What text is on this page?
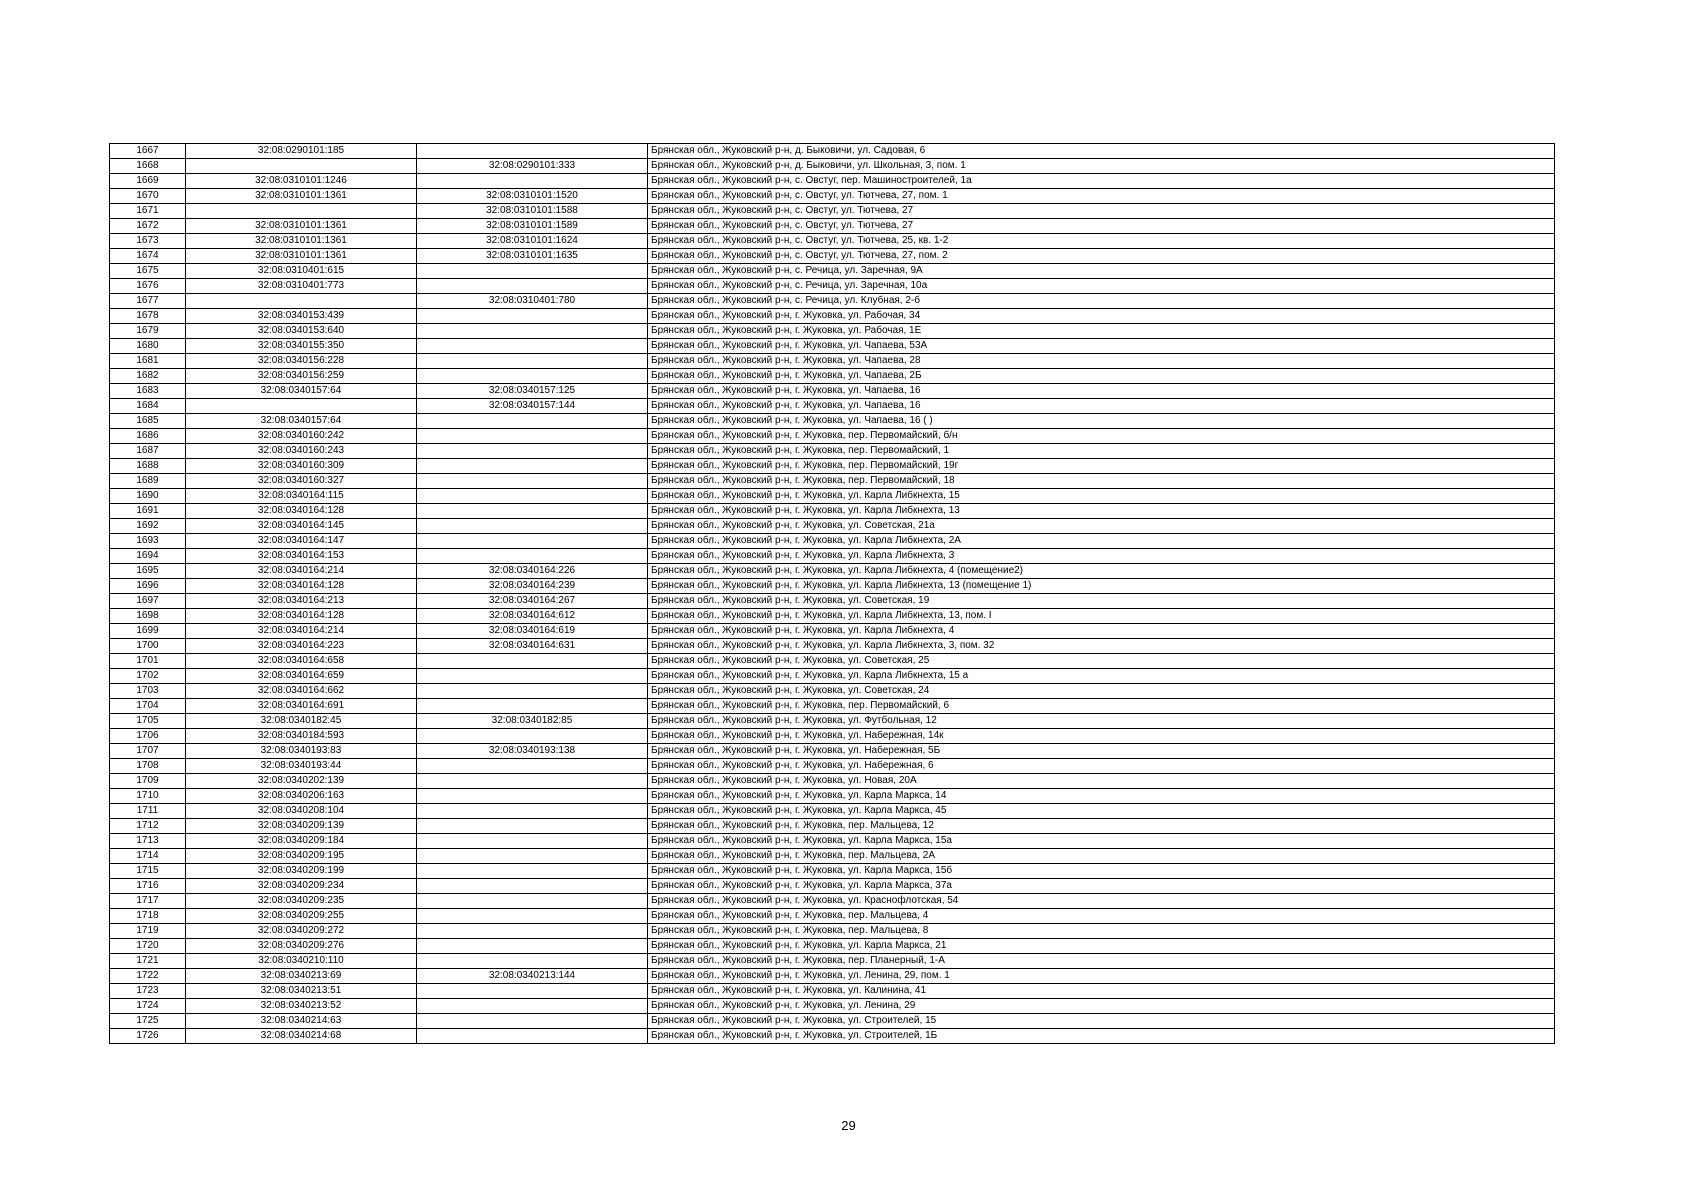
1667	32:08:0290101:185		Брянская обл., Жуковский р-н, д. Быковичи, ул. Садовая, 6
1668		32:08:0290101:333	Брянская обл., Жуковский р-н, д. Быковичи, ул. Школьная, 3, пом. 1
1669	32:08:0310101:1246		Брянская обл., Жуковский р-н, с. Овстуг, пер. Машиностроителей, 1а
1670	32:08:0310101:1361	32:08:0310101:1520	Брянская обл., Жуковский р-н, с. Овстуг, ул. Тютчева, 27, пом. 1
1671		32:08:0310101:1588	Брянская обл., Жуковский р-н, с. Овстуг, ул. Тютчева, 27
1672	32:08:0310101:1361	32:08:0310101:1589	Брянская обл., Жуковский р-н, с. Овстуг, ул. Тютчева, 27
1673	32:08:0310101:1361	32:08:0310101:1624	Брянская обл., Жуковский р-н, с. Овстуг, ул. Тютчева, 25, кв. 1-2
1674	32:08:0310101:1361	32:08:0310101:1635	Брянская обл., Жуковский р-н, с. Овстуг, ул. Тютчева, 27, пом. 2
1675	32:08:0310401:615		Брянская обл., Жуковский р-н, с. Речица, ул. Заречная, 9А
1676	32:08:0310401:773		Брянская обл., Жуковский р-н, с. Речица, ул. Заречная, 10а
1677		32:08:0310401:780	Брянская обл., Жуковский р-н, с. Речица, ул. Клубная, 2-б
1678	32:08:0340153:439		Брянская обл., Жуковский р-н, г. Жуковка, ул. Рабочая, 34
1679	32:08:0340153:640		Брянская обл., Жуковский р-н, г. Жуковка, ул. Рабочая, 1Е
1680	32:08:0340155:350		Брянская обл., Жуковский р-н, г. Жуковка, ул. Чапаева, 53А
1681	32:08:0340156:228		Брянская обл., Жуковский р-н, г. Жуковка, ул. Чапаева, 28
1682	32:08:0340156:259		Брянская обл., Жуковский р-н, г. Жуковка, ул. Чапаева, 2Б
1683	32:08:0340157:64	32:08:0340157:125	Брянская обл., Жуковский р-н, г. Жуковка, ул. Чапаева, 16
1684		32:08:0340157:144	Брянская обл., Жуковский р-н, г. Жуковка, ул. Чапаева, 16
1685	32:08:0340157:64		Брянская обл., Жуковский р-н, г. Жуковка, ул. Чапаева, 16 ( )
1686	32:08:0340160:242		Брянская обл., Жуковский р-н, г. Жуковка, пер. Первомайский, б/н
1687	32:08:0340160:243		Брянская обл., Жуковский р-н, г. Жуковка, пер. Первомайский, 1
1688	32:08:0340160:309		Брянская обл., Жуковский р-н, г. Жуковка, пер. Первомайский, 19г
1689	32:08:0340160:327		Брянская обл., Жуковский р-н, г. Жуковка, пер. Первомайский, 18
1690	32:08:0340164:115		Брянская обл., Жуковский р-н, г. Жуковка, ул. Карла Либкнехта, 15
1691	32:08:0340164:128		Брянская обл., Жуковский р-н, г. Жуковка, ул. Карла Либкнехта, 13
1692	32:08:0340164:145		Брянская обл., Жуковский р-н, г. Жуковка, ул. Советская, 21а
1693	32:08:0340164:147		Брянская обл., Жуковский р-н, г. Жуковка, ул. Карла Либкнехта, 2А
1694	32:08:0340164:153		Брянская обл., Жуковский р-н, г. Жуковка, ул. Карла Либкнехта, 3
1695	32:08:0340164:214	32:08:0340164:226	Брянская обл., Жуковский р-н, г. Жуковка, ул. Карла Либкнехта, 4 (помещение2)
1696	32:08:0340164:128	32:08:0340164:239	Брянская обл., Жуковский р-н, г. Жуковка, ул. Карла Либкнехта, 13 (помещение 1)
1697	32:08:0340164:213	32:08:0340164:267	Брянская обл., Жуковский р-н, г. Жуковка, ул. Советская, 19
1698	32:08:0340164:128	32:08:0340164:612	Брянская обл., Жуковский р-н, г. Жуковка, ул. Карла Либкнехта, 13, пом. I
1699	32:08:0340164:214	32:08:0340164:619	Брянская обл., Жуковский р-н, г. Жуковка, ул. Карла Либкнехта, 4
1700	32:08:0340164:223	32:08:0340164:631	Брянская обл., Жуковский р-н, г. Жуковка, ул. Карла Либкнехта, 3, пом. 32
1701	32:08:0340164:658		Брянская обл., Жуковский р-н, г. Жуковка, ул. Советская, 25
1702	32:08:0340164:659		Брянская обл., Жуковский р-н, г. Жуковка, ул. Карла Либкнехта, 15 а
1703	32:08:0340164:662		Брянская обл., Жуковский р-н, г. Жуковка, ул. Советская, 24
1704	32:08:0340164:691		Брянская обл., Жуковский р-н, г. Жуковка, пер. Первомайский, 6
1705	32:08:0340182:45	32:08:0340182:85	Брянская обл., Жуковский р-н, г. Жуковка, ул. Футбольная, 12
1706	32:08:0340184:593		Брянская обл., Жуковский р-н, г. Жуковка, ул. Набережная, 14к
1707	32:08:0340193:83	32:08:0340193:138	Брянская обл., Жуковский р-н, г. Жуковка, ул. Набережная, 5Б
1708	32:08:0340193:44		Брянская обл., Жуковский р-н, г. Жуковка, ул. Набережная, 6
1709	32:08:0340202:139		Брянская обл., Жуковский р-н, г. Жуковка, ул. Новая, 20А
1710	32:08:0340206:163		Брянская обл., Жуковский р-н, г. Жуковка, ул. Карла Маркса, 14
1711	32:08:0340208:104		Брянская обл., Жуковский р-н, г. Жуковка, ул. Карла Маркса, 45
1712	32:08:0340209:139		Брянская обл., Жуковский р-н, г. Жуковка, пер. Мальцева, 12
1713	32:08:0340209:184		Брянская обл., Жуковский р-н, г. Жуковка, ул. Карла Маркса, 15а
1714	32:08:0340209:195		Брянская обл., Жуковский р-н, г. Жуковка, пер. Мальцева, 2А
1715	32:08:0340209:199		Брянская обл., Жуковский р-н, г. Жуковка, ул. Карла Маркса, 15б
1716	32:08:0340209:234		Брянская обл., Жуковский р-н, г. Жуковка, ул. Карла Маркса, 37а
1717	32:08:0340209:235		Брянская обл., Жуковский р-н, г. Жуковка, ул. Краснофлотская, 54
1718	32:08:0340209:255		Брянская обл., Жуковский р-н, г. Жуковка, пер. Мальцева, 4
1719	32:08:0340209:272		Брянская обл., Жуковский р-н, г. Жуковка, пер. Мальцева, 8
1720	32:08:0340209:276		Брянская обл., Жуковский р-н, г. Жуковка, ул. Карла Маркса, 21
1721	32:08:0340210:110		Брянская обл., Жуковский р-н, г. Жуковка, пер. Планерный, 1-А
1722	32:08:0340213:69	32:08:0340213:144	Брянская обл., Жуковский р-н, г. Жуковка, ул. Ленина, 29, пом. 1
1723	32:08:0340213:51		Брянская обл., Жуковский р-н, г. Жуковка, ул. Калинина, 41
1724	32:08:0340213:52		Брянская обл., Жуковский р-н, г. Жуковка, ул. Ленина, 29
1725	32:08:0340214:63		Брянская обл., Жуковский р-н, г. Жуковка, ул. Строителей, 15
1726	32:08:0340214:68		Брянская обл., Жуковский р-н, г. Жуковка, ул. Строителей, 1Б
29
